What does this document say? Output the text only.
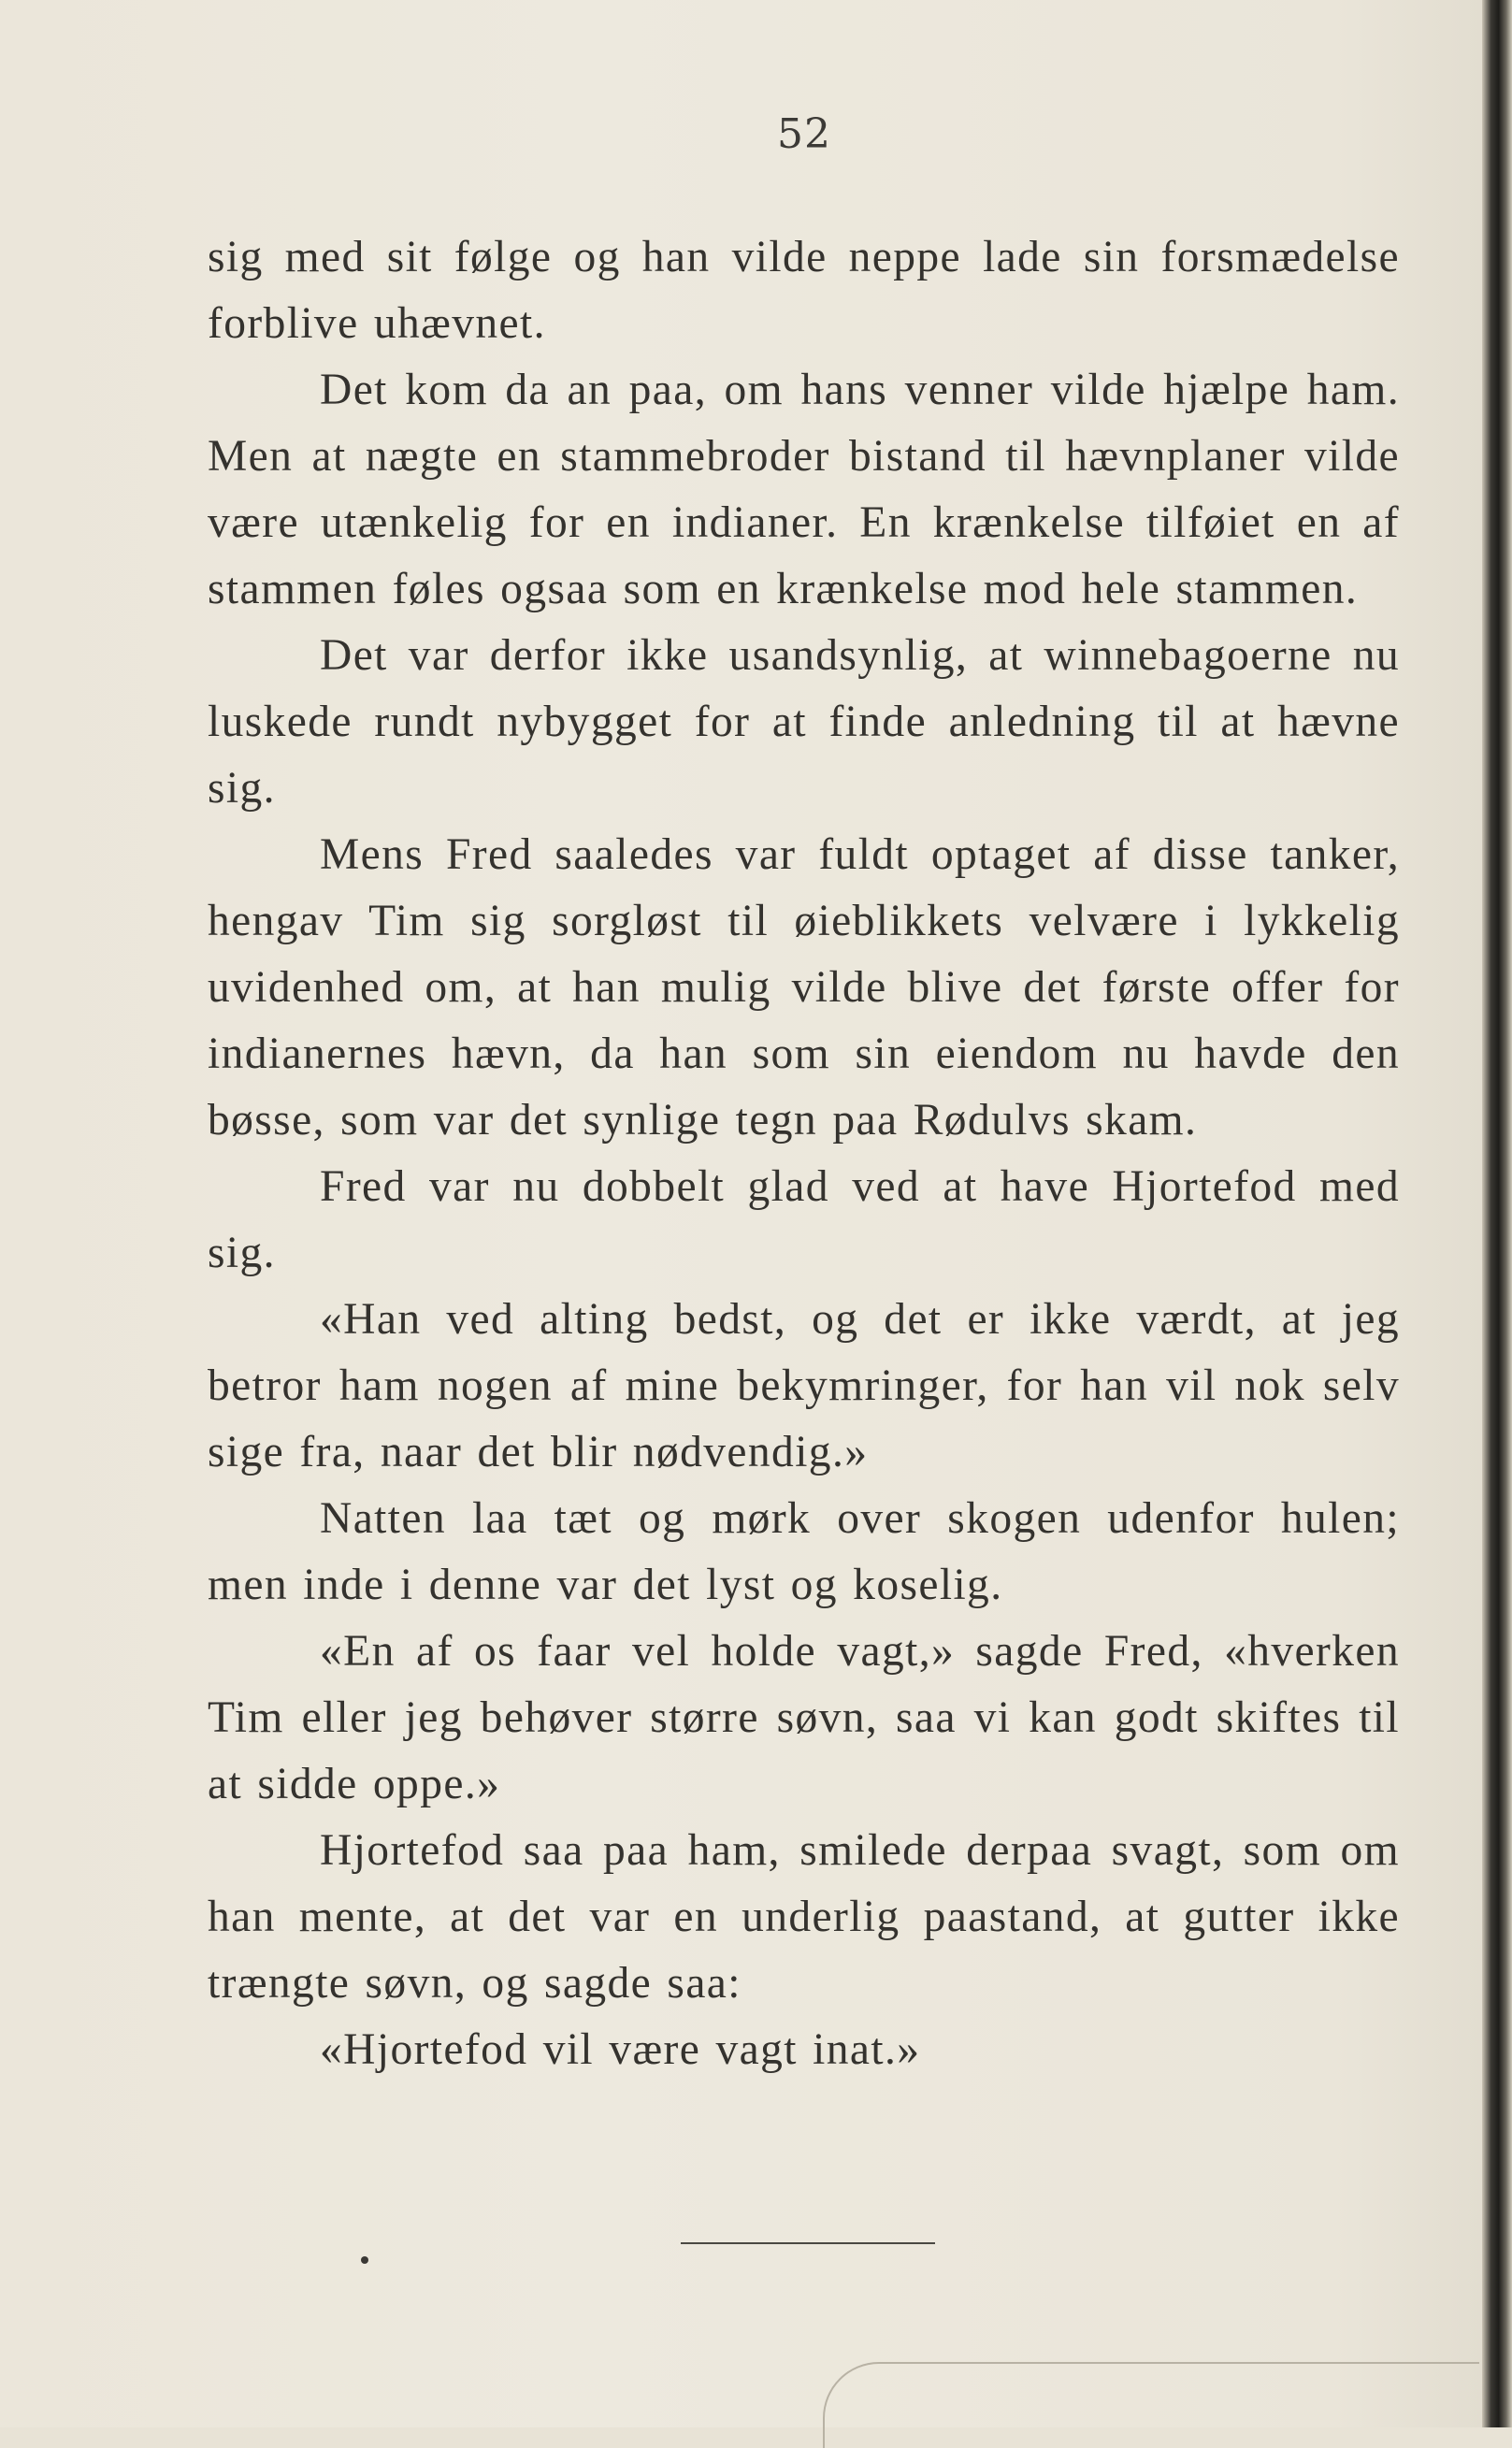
52

sig med sit følge og han vilde neppe lade sin forsmædelse forblive uhævnet.

Det kom da an paa, om hans venner vilde hjælpe ham. Men at nægte en stammebroder bistand til hævnplaner vilde være utænkelig for en indianer. En krænkelse tilføiet en af stammen føles ogsaa som en krænkelse mod hele stammen.

Det var derfor ikke usandsynlig, at winnebagoerne nu luskede rundt nybygget for at finde anledning til at hævne sig.

Mens Fred saaledes var fuldt optaget af disse tanker, hengav Tim sig sorgløst til øieblikkets velvære i lykkelig uvidenhed om, at han mulig vilde blive det første offer for indianernes hævn, da han som sin eiendom nu havde den bøsse, som var det synlige tegn paa Rødulvs skam.

Fred var nu dobbelt glad ved at have Hjortefod med sig.

«Han ved alting bedst, og det er ikke værdt, at jeg betror ham nogen af mine bekymringer, for han vil nok selv sige fra, naar det blir nødvendig.»

Natten laa tæt og mørk over skogen udenfor hulen; men inde i denne var det lyst og koselig.

«En af os faar vel holde vagt,» sagde Fred, «hverken Tim eller jeg behøver større søvn, saa vi kan godt skiftes til at sidde oppe.»

Hjortefod saa paa ham, smilede derpaa svagt, som om han mente, at det var en underlig paastand, at gutter ikke trængte søvn, og sagde saa:

«Hjortefod vil være vagt inat.»
